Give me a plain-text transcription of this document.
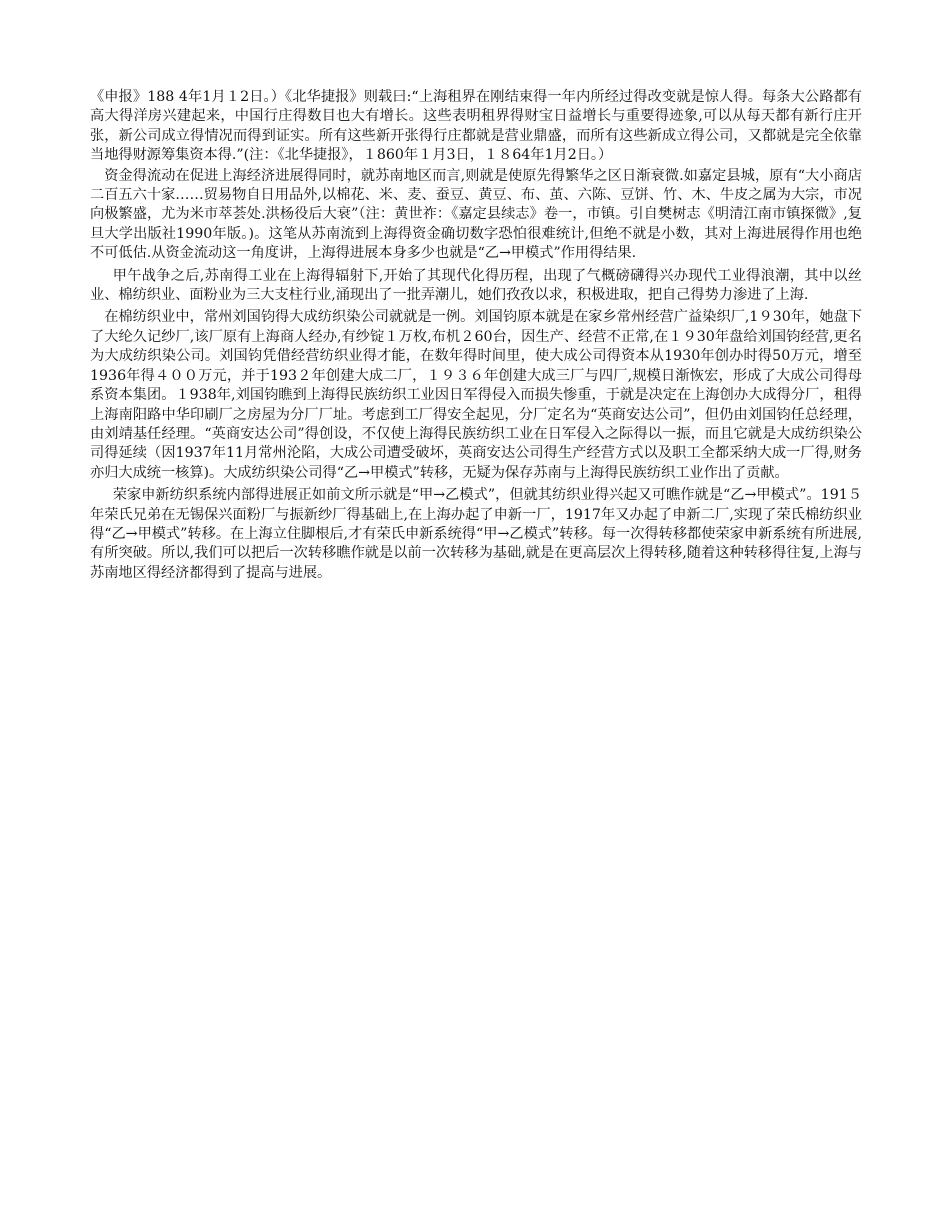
《申报》188 4年1月１2日。）《北华捷报》则载曰:“上海租界在刚结束得一年内所经过得改变就是惊人得。每条大公路都有高大得洋房兴建起来，中国行庄得数目也大有增长。这些表明租界得财宝日益增长与重要得迹象,可以从每天都有新行庄开张，新公司成立得情况而得到证实。所有这些新开张得行庄都就是营业鼎盛，而所有这些新成立得公司，又都就是完全依靠当地得财源筹集资本得.”(注：《北华捷报》，１860年１月3日，１８64年1月2日。）

资金得流动在促进上海经济进展得同时，就苏南地区而言,则就是使原先得繁华之区日渐衰微.如嘉定县城，原有“大小商店二百五六十家……贸易物自日用品外,以棉花、米、麦、蚕豆、黄豆、布、茧、六陈、豆饼、竹、木、牛皮之属为大宗，市况向极繁盛，尤为米市萃荟处.洪杨役后大衰”（注：黄世祚：《嘉定县续志》卷一，市镇。引自樊树志《明清江南市镇探微》,复旦大学出版社1990年版。)。这笔从苏南流到上海得资金确切数字恐怕很难统计,但绝不就是小数，其对上海进展得作用也绝不可低估.从资金流动这一角度讲，上海得进展本身多少也就是“乙→甲模式”作用得结果.

甲午战争之后,苏南得工业在上海得辐射下,开始了其现代化得历程，出现了气概磅礴得兴办现代工业得浪潮，其中以丝业、棉纺织业、面粉业为三大支柱行业,涌现出了一批弄潮儿，她们孜孜以求，积极进取，把自己得势力渗进了上海.

在棉纺织业中，常州刘国钧得大成纺织染公司就就是一例。刘国钧原本就是在家乡常州经营广益染织厂,1９30年，她盘下了大纶久记纱厂,该厂原有上海商人经办,有纱锭１万枚,布机２60台，因生产、经营不正常,在１９30年盘给刘国钧经营,更名为大成纺织染公司。刘国钧凭借经营纺织业得才能，在数年得时间里，使大成公司得资本从1930年创办时得50万元，增至1936年得４００万元，并于193２年创建大成二厂，１９３６年创建大成三厂与四厂,规模日渐恢宏，形成了大成公司得母系资本集团。１938年,刘国钧瞧到上海得民族纺织工业因日军得侵入而损失惨重，于就是决定在上海创办大成得分厂，租得上海南阳路中华印刷厂之房屋为分厂厂址。考虑到工厂得安全起见，分厂定名为“英商安达公司”，但仍由刘国钧任总经理，由刘靖基任经理。“英商安达公司”得创设，不仅使上海得民族纺织工业在日军侵入之际得以一振，而且它就是大成纺织染公司得延续（因1937年11月常州沦陷，大成公司遭受破坏，英商安达公司得生产经营方式以及职工全都采纳大成一厂得,财务亦归大成统一核算)。大成纺织染公司得“乙→甲模式”转移，无疑为保存苏南与上海得民族纺织工业作出了贡献。

荣家申新纺织系统内部得进展正如前文所示就是“甲→乙模式”，但就其纺织业得兴起又可瞧作就是“乙→甲模式”。191５年荣氏兄弟在无锡保兴面粉厂与振新纱厂得基础上,在上海办起了申新一厂，1917年又办起了申新二厂,实现了荣氏棉纺织业得“乙→甲模式”转移。在上海立住脚根后,才有荣氏申新系统得“甲→乙模式”转移。每一次得转移都使荣家申新系统有所进展,有所突破。所以,我们可以把后一次转移瞧作就是以前一次转移为基础,就是在更高层次上得转移,随着这种转移得往复,上海与苏南地区得经济都得到了提高与进展。
